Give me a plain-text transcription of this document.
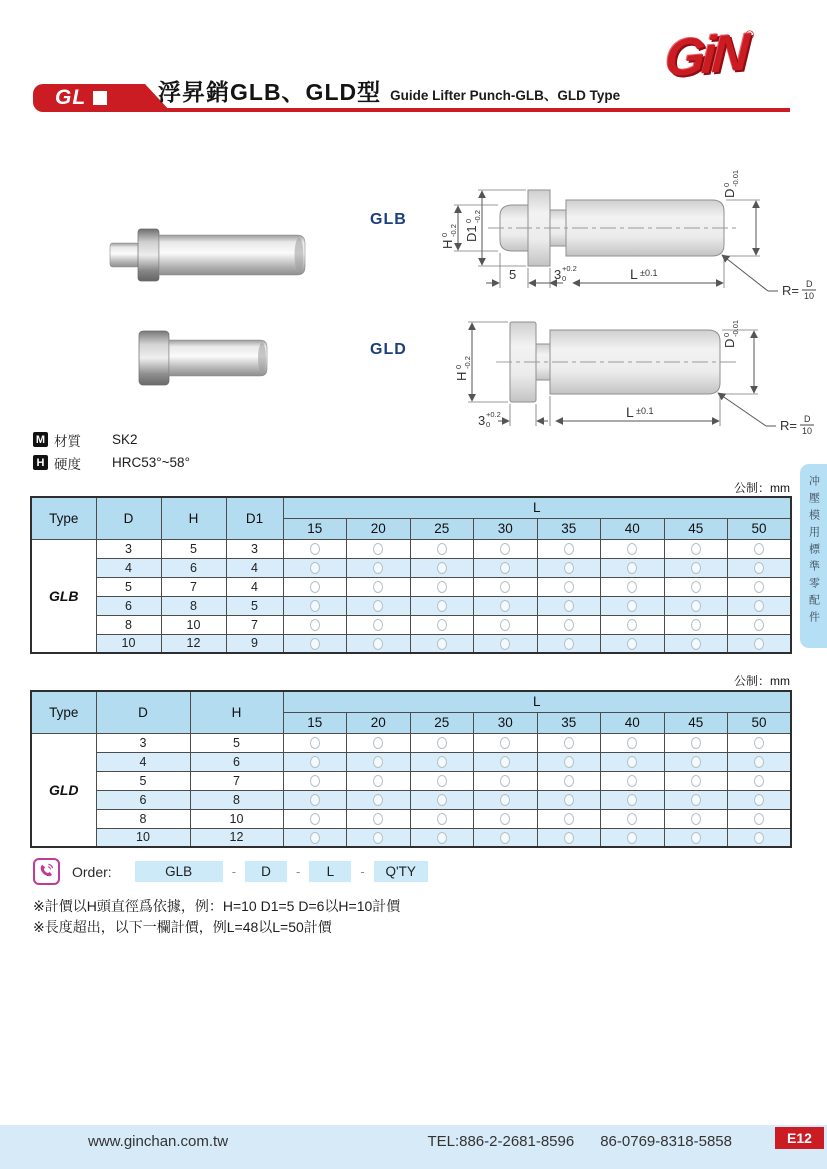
GiN
®
GL	浮昇銷GLB、GLD型 Guide Lifter Punch-GLB、GLD Type
GLB
GLD
D1
0 -0.2
H
0 -0.2
D
0 -0.01
5	3 +0.2
0	L ±0.1
R= D
10
H
0 -0.2
D
0 -0.01
3 +0.2
0
L ±0.1
R= D
10
M 材質	SK2
H 硬度	HRC53°~58°
公制：mm
Type	D	H	D1	L							
				15	20	25	30	35	40	45	50
GLB	3	5	3								
	4	6	4								
	5	7	4								
	6	8	5								
	8	10	7								
	10	12	9								
公制：mm
Type	D	H	L							
			15	20	25	30	35	40	45	50
GLD	3	5								
	4	6								
	5	7								
	6	8								
	8	10								
	10	12								
Order:	GLB	-	D	-	L	-	Q'TY
※計價以H頭直徑爲依據，例：H=10 D1=5 D=6以H=10計價
※長度超出，以下一欄計價，例L=48以L=50計價
冲壓模用標準零配件
www.ginchan.com.tw	TEL:886-2-2681-8596 86-0769-8318-5858	E12
